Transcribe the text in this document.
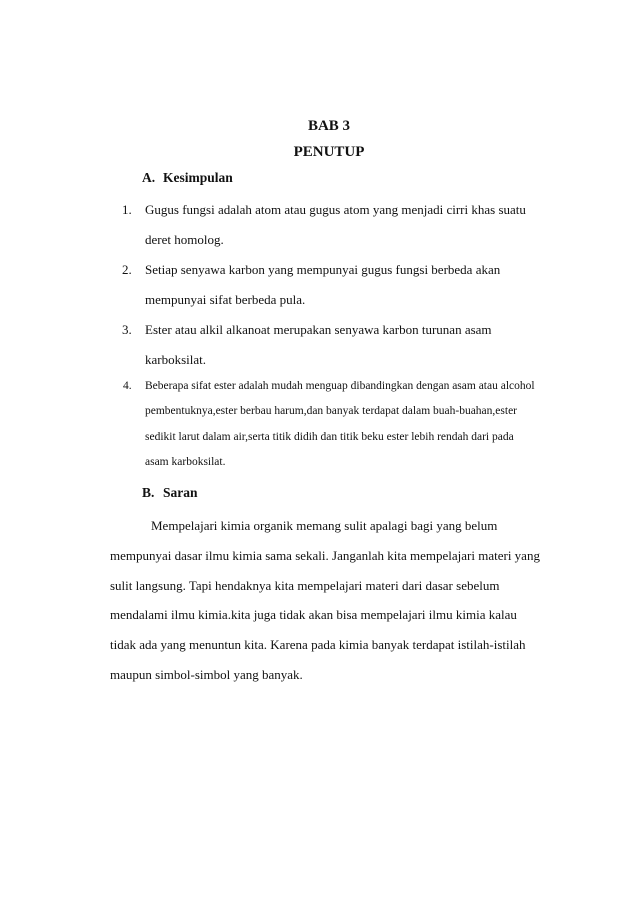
BAB 3
PENUTUP
A. Kesimpulan
1. Gugus fungsi adalah atom atau gugus atom yang menjadi cirri khas suatu
deret homolog.
2. Setiap senyawa karbon yang mempunyai gugus fungsi berbeda akan
mempunyai sifat berbeda pula.
3. Ester atau alkil alkanoat merupakan senyawa karbon turunan asam
karboksilat.
4. Beberapa sifat ester adalah mudah menguap dibandingkan dengan asam atau alcohol
pembentuknya,ester berbau harum,dan banyak terdapat dalam buah-buahan,ester
sedikit larut dalam air,serta titik didih dan titik beku ester lebih rendah dari pada
asam karboksilat.
B. Saran
Mempelajari kimia organik memang sulit apalagi bagi yang belum
mempunyai dasar ilmu kimia sama sekali. Janganlah kita mempelajari materi yang
sulit langsung. Tapi hendaknya kita mempelajari materi dari dasar sebelum
mendalami ilmu kimia.kita juga tidak akan bisa mempelajari ilmu kimia kalau
tidak ada yang menuntun kita. Karena pada kimia banyak terdapat istilah-istilah
maupun simbol-simbol yang banyak.
